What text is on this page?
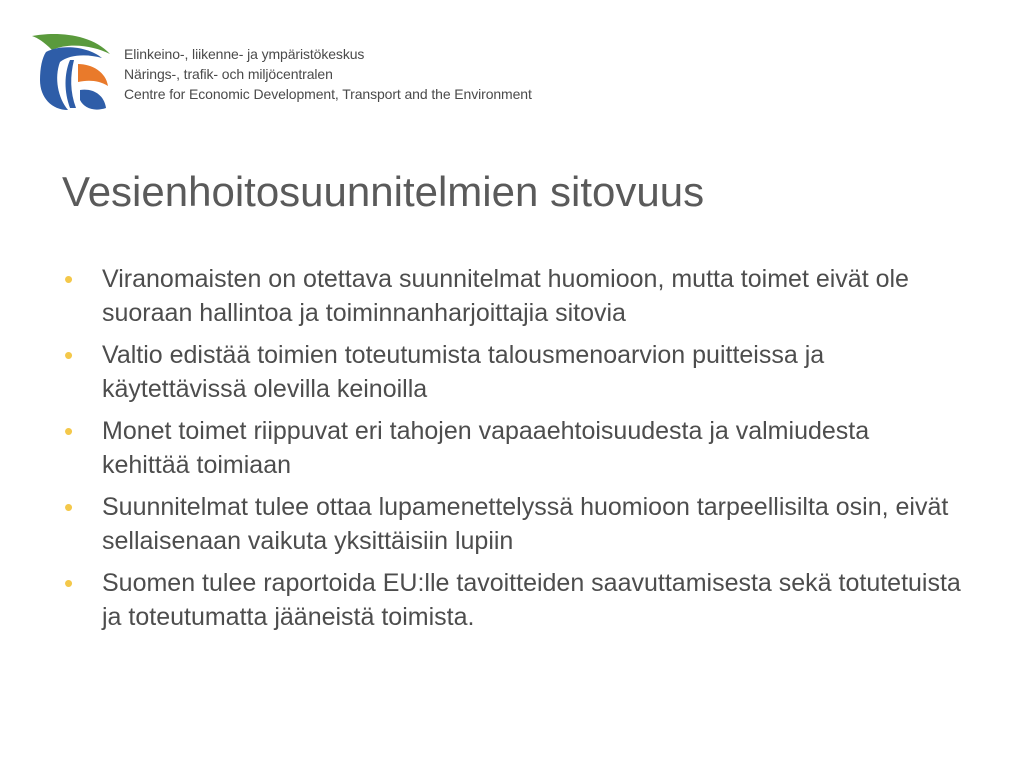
Elinkeino-, liikenne- ja ympäristökeskus
Närings-, trafik- och miljöcentralen
Centre for Economic Development, Transport and the Environment
Vesienhoitosuunnitelmien sitovuus
• Viranomaisten on otettava suunnitelmat huomioon, mutta toimet eivät ole suoraan hallintoa ja toiminnanharjoittajia sitovia
• Valtio edistää toimien toteutumista talousmenoarvion puitteissa ja käytettävissä olevilla keinoilla
• Monet toimet riippuvat eri tahojen vapaaehtoisuudesta ja valmiudesta kehittää toimiaan
• Suunnitelmat tulee ottaa lupamenettelyssä huomioon tarpeellisilta osin, eivät sellaisenaan vaikuta yksittäisiin lupiin
• Suomen tulee raportoida EU:lle tavoitteiden saavuttamisesta sekä totutetuista ja toteutumatta jääneistä toimista.
